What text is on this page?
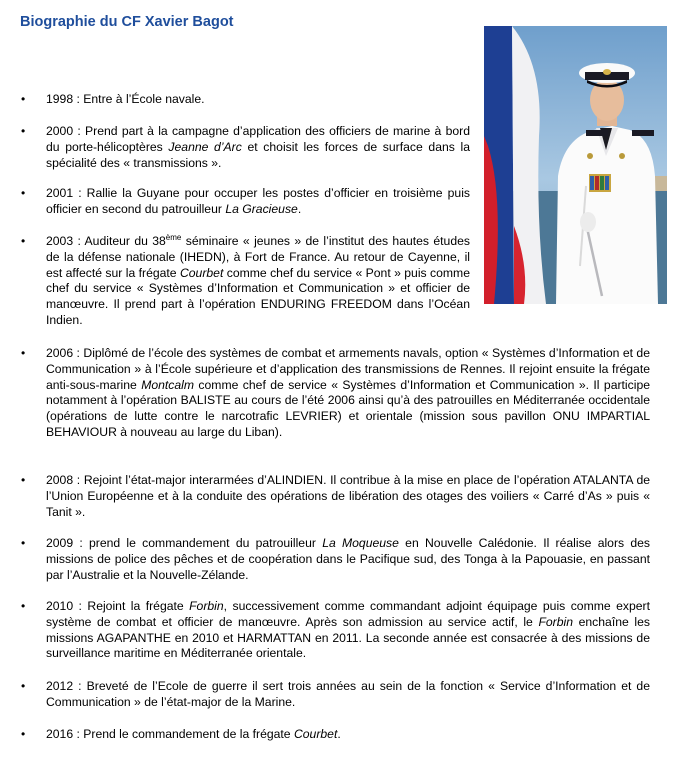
Biographie du CF Xavier Bagot
• 1998 : Entre à l’École navale.
• 2000 : Prend part à la campagne d’application des officiers de marine à bord du porte-hélicoptères Jeanne d’Arc et choisit les forces de surface dans la spécialité des « transmissions ».
• 2001 : Rallie la Guyane pour occuper les postes d’officier en troisième puis officier en second du patrouilleur La Gracieuse.
• 2003 : Auditeur du 38ème séminaire « jeunes » de l’institut des hautes études de la défense nationale (IHEDN), à Fort de France. Au retour de Cayenne, il est affecté sur la frégate Courbet comme chef du service « Pont » puis comme chef du service « Systèmes d’Information et Communication » et officier de manœuvre. Il prend part à l’opération ENDURING FREEDOM dans l’Océan Indien.
• 2006 : Diplômé de l’école des systèmes de combat et armements navals, option « Systèmes d’Information et de Communication » à l’École supérieure et d’application des transmissions de Rennes. Il rejoint ensuite la frégate anti-sous-marine Montcalm comme chef de service « Systèmes d’Information et Communication ». Il participe notamment à l’opération BALISTE au cours de l’été 2006 ainsi qu’à des patrouilles en Méditerranée occidentale (opérations de lutte contre le narcotrafic LEVRIER) et orientale (mission sous pavillon ONU IMPARTIAL BEHAVIOUR à nouveau au large du Liban).
• 2008 : Rejoint l’état-major interarmées d’ALINDIEN. Il contribue à la mise en place de l’opération ATALANTA de l’Union Européenne et à la conduite des opérations de libération des otages des voiliers « Carré d’As » puis « Tanit ».
• 2009 : prend le commandement du patrouilleur La Moqueuse en Nouvelle Calédonie. Il réalise alors des missions de police des pêches et de coopération dans le Pacifique sud, des Tonga à la Papouasie, en passant par l’Australie et la Nouvelle-Zélande.
• 2010 : Rejoint la frégate Forbin, successivement comme commandant adjoint équipage puis comme expert système de combat et officier de manœuvre. Après son admission au service actif, le Forbin enchaîne les missions AGAPANTHE en 2010 et HARMATTAN en 2011. La seconde année est consacrée à des missions de surveillance maritime en Méditerranée orientale.
• 2012 : Breveté de l’Ecole de guerre il sert trois années au sein de la fonction « Service d’Information et de Communication » de l’état-major de la Marine.
• 2016 : Prend le commandement de la frégate Courbet.
